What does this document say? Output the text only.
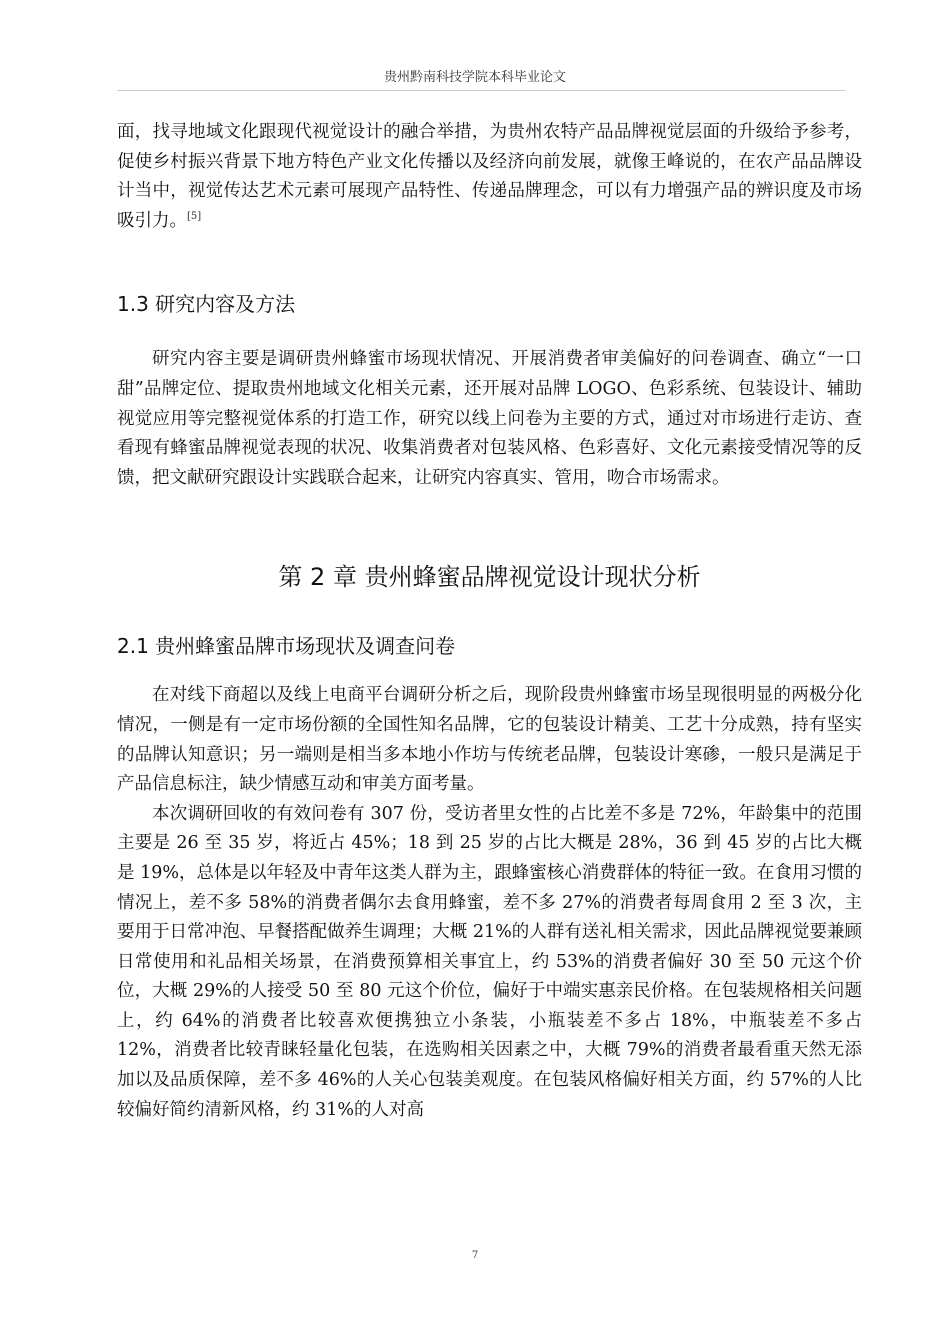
贵州黔南科技学院本科毕业论文

面，找寻地域文化跟现代视觉设计的融合举措，为贵州农特产品品牌视觉层面的升级给予参考，促使乡村振兴背景下地方特色产业文化传播以及经济向前发展，就像王峰说的，在农产品品牌设计当中，视觉传达艺术元素可展现产品特性、传递品牌理念，可以有力增强产品的辨识度及市场吸引力。[5]

1.3 研究内容及方法

研究内容主要是调研贵州蜂蜜市场现状情况、开展消费者审美偏好的问卷调查、确立“一口甜”品牌定位、提取贵州地域文化相关元素，还开展对品牌 LOGO、色彩系统、包装设计、辅助视觉应用等完整视觉体系的打造工作，研究以线上问卷为主要的方式，通过对市场进行走访、查看现有蜂蜜品牌视觉表现的状况、收集消费者对包装风格、色彩喜好、文化元素接受情况等的反馈，把文献研究跟设计实践联合起来，让研究内容真实、管用，吻合市场需求。

第 2 章 贵州蜂蜜品牌视觉设计现状分析
2.1 贵州蜂蜜品牌市场现状及调查问卷

在对线下商超以及线上电商平台调研分析之后，现阶段贵州蜂蜜市场呈现很明显的两极分化情况，一侧是有一定市场份额的全国性知名品牌，它的包装设计精美、工艺十分成熟，持有坚实的品牌认知意识；另一端则是相当多本地小作坊与传统老品牌，包装设计寒碜，一般只是满足于产品信息标注，缺少情感互动和审美方面考量。

本次调研回收的有效问卷有 307 份，受访者里女性的占比差不多是 72%，年龄集中的范围主要是 26 至 35 岁，将近占 45%；18 到 25 岁的占比大概是 28%，36 到 45 岁的占比大概是 19%，总体是以年轻及中青年这类人群为主，跟蜂蜜核心消费群体的特征一致。在食用习惯的情况上，差不多 58%的消费者偶尔去食用蜂蜜，差不多 27%的消费者每周食用 2 至 3 次，主要用于日常冲泡、早餐搭配做养生调理；大概 21%的人群有送礼相关需求，因此品牌视觉要兼顾日常使用和礼品相关场景，在消费预算相关事宜上，约 53%的消费者偏好 30 至 50 元这个价位，大概 29%的人接受 50 至 80 元这个价位，偏好于中端实惠亲民价格。在包装规格相关问题上，约 64%的消费者比较喜欢便携独立小条装，小瓶装差不多占 18%，中瓶装差不多占 12%，消费者比较青睐轻量化包装，在选购相关因素之中，大概 79%的消费者最看重天然无添加以及品质保障，差不多 46%的人关心包装美观度。在包装风格偏好相关方面，约 57%的人比较偏好简约清新风格，约 31%的人对高

7
